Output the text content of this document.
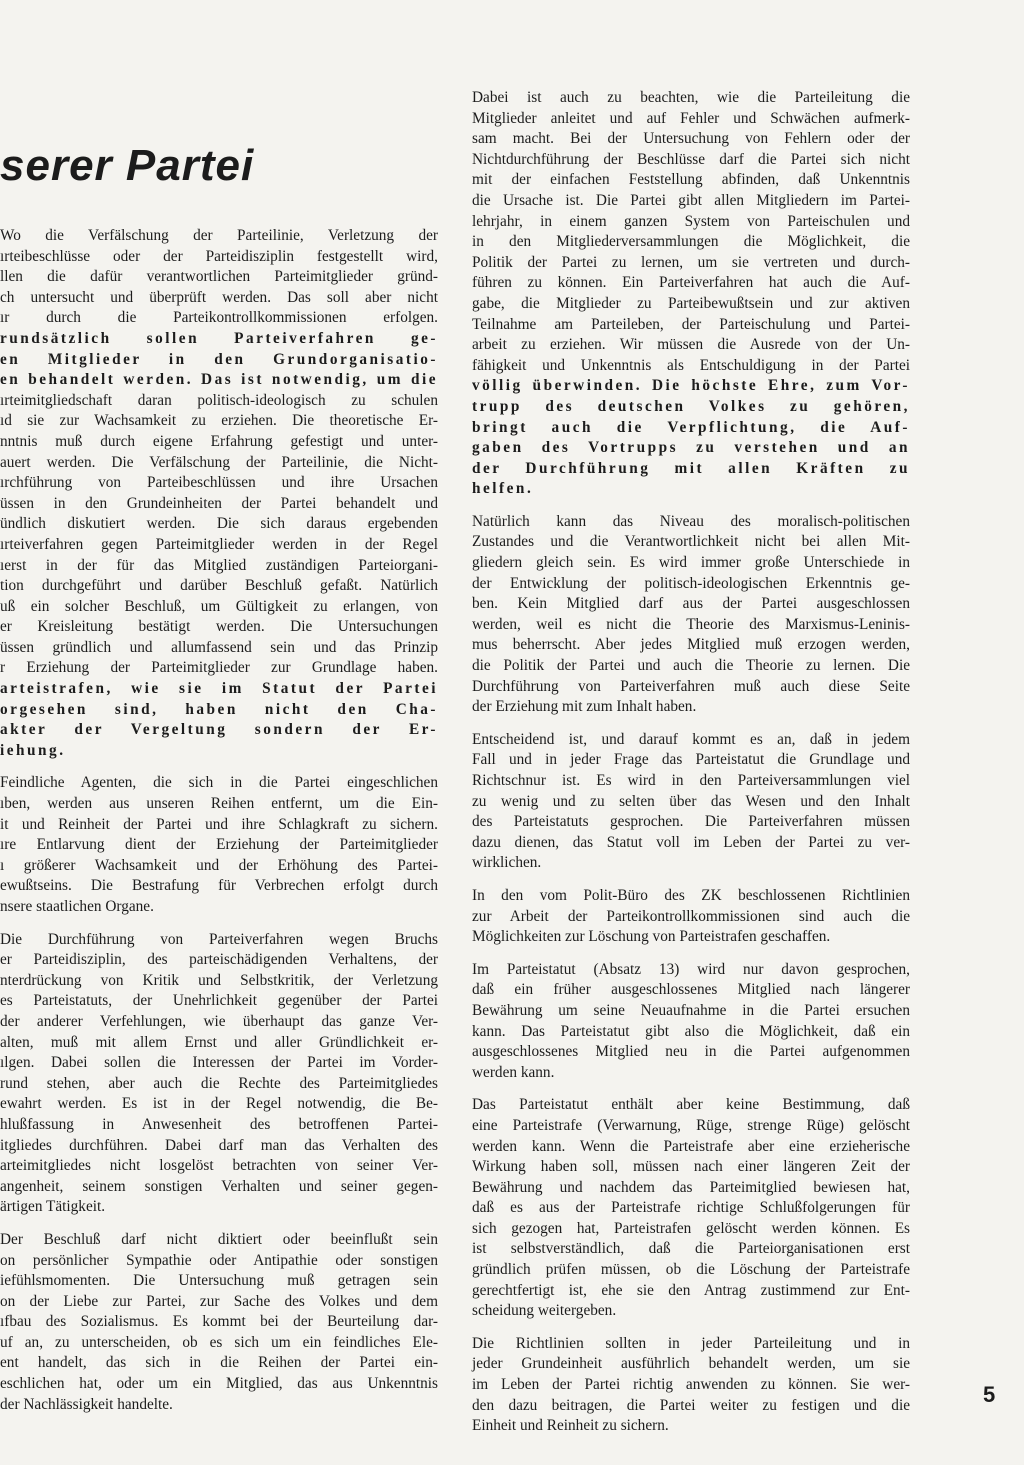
serer Partei

Wo die Verfälschung der Parteilinie, Verletzung der
ırteibeschlüsse oder der Parteidisziplin festgestellt wird,
llen die dafür verantwortlichen Parteimitglieder gründ-
ch untersucht und überprüft werden. Das soll aber nicht
ır durch die Parteikontrollkommissionen erfolgen.
rundsätzlich sollen Parteiverfahren ge-
en Mitglieder in den Grundorganisatio-
en behandelt werden. Das ist notwendig, um die
ırteimitgliedschaft daran politisch-ideologisch zu schulen
ıd sie zur Wachsamkeit zu erziehen. Die theoretische Er-
nntnis muß durch eigene Erfahrung gefestigt und unter-
auert werden. Die Verfälschung der Parteilinie, die Nicht-
ırchführung von Parteibeschlüssen und ihre Ursachen
üssen in den Grundeinheiten der Partei behandelt und
ündlich diskutiert werden. Die sich daraus ergebenden
ırteiverfahren gegen Parteimitglieder werden in der Regel
ıerst in der für das Mitglied zuständigen Parteiorgani-
tion durchgeführt und darüber Beschluß gefaßt. Natürlich
uß ein solcher Beschluß, um Gültigkeit zu erlangen, von
er Kreisleitung bestätigt werden. Die Untersuchungen
üssen gründlich und allumfassend sein und das Prinzip
r Erziehung der Parteimitglieder zur Grundlage haben.
arteistrafen, wie sie im Statut der Partei
orgesehen sind, haben nicht den Cha-
akter der Vergeltung sondern der Er-
iehung.

Feindliche Agenten, die sich in die Partei eingeschlichen
ıben, werden aus unseren Reihen entfernt, um die Ein-
it und Reinheit der Partei und ihre Schlagkraft zu sichern.
ıre Entlarvung dient der Erziehung der Parteimitglieder
ı größerer Wachsamkeit und der Erhöhung des Partei-
ewußtseins. Die Bestrafung für Verbrechen erfolgt durch
nsere staatlichen Organe.

Die Durchführung von Parteiverfahren wegen Bruchs
er Parteidisziplin, des parteischädigenden Verhaltens, der
nterdrückung von Kritik und Selbstkritik, der Verletzung
es Parteistatuts, der Unehrlichkeit gegenüber der Partei
der anderer Verfehlungen, wie überhaupt das ganze Ver-
alten, muß mit allem Ernst und aller Gründlichkeit er-
ılgen. Dabei sollen die Interessen der Partei im Vorder-
rund stehen, aber auch die Rechte des Parteimitgliedes
ewahrt werden. Es ist in der Regel notwendig, die Be-
hlußfassung in Anwesenheit des betroffenen Partei-
itgliedes durchführen. Dabei darf man das Verhalten des
arteimitgliedes nicht losgelöst betrachten von seiner Ver-
angenheit, seinem sonstigen Verhalten und seiner gegen-
ärtigen Tätigkeit.

Der Beschluß darf nicht diktiert oder beeinflußt sein
on persönlicher Sympathie oder Antipathie oder sonstigen
iefühlsmomenten. Die Untersuchung muß getragen sein
on der Liebe zur Partei, zur Sache des Volkes und dem
ıfbau des Sozialismus. Es kommt bei der Beurteilung dar-
uf an, zu unterscheiden, ob es sich um ein feindliches Ele-
ent handelt, das sich in die Reihen der Partei ein-
eschlichen hat, oder um ein Mitglied, das aus Unkenntnis
der Nachlässigkeit handelte.

Dabei ist auch zu beachten, wie die Parteileitung die
Mitglieder anleitet und auf Fehler und Schwächen aufmerk-
sam macht. Bei der Untersuchung von Fehlern oder der
Nichtdurchführung der Beschlüsse darf die Partei sich nicht
mit der einfachen Feststellung abfinden, daß Unkenntnis
die Ursache ist. Die Partei gibt allen Mitgliedern im Partei-
lehrjahr, in einem ganzen System von Parteischulen und
in den Mitgliederversammlungen die Möglichkeit, die
Politik der Partei zu lernen, um sie vertreten und durch-
führen zu können. Ein Parteiverfahren hat auch die Auf-
gabe, die Mitglieder zu Parteibewußtsein und zur aktiven
Teilnahme am Parteileben, der Parteischulung und Partei-
arbeit zu erziehen. Wir müssen die Ausrede von der Un-
fähigkeit und Unkenntnis als Entschuldigung in der Partei
völlig überwinden. Die höchste Ehre, zum Vor-
trupp des deutschen Volkes zu gehören,
bringt auch die Verpflichtung, die Auf-
gaben des Vortrupps zu verstehen und an
der Durchführung mit allen Kräften zu
helfen.

Natürlich kann das Niveau des moralisch-politischen
Zustandes und die Verantwortlichkeit nicht bei allen Mit-
gliedern gleich sein. Es wird immer große Unterschiede in
der Entwicklung der politisch-ideologischen Erkenntnis ge-
ben. Kein Mitglied darf aus der Partei ausgeschlossen
werden, weil es nicht die Theorie des Marxismus-Leninis-
mus beherrscht. Aber jedes Mitglied muß erzogen werden,
die Politik der Partei und auch die Theorie zu lernen. Die
Durchführung von Parteiverfahren muß auch diese Seite
der Erziehung mit zum Inhalt haben.

Entscheidend ist, und darauf kommt es an, daß in jedem
Fall und in jeder Frage das Parteistatut die Grundlage und
Richtschnur ist. Es wird in den Parteiversammlungen viel
zu wenig und zu selten über das Wesen und den Inhalt
des Parteistatuts gesprochen. Die Parteiverfahren müssen
dazu dienen, das Statut voll im Leben der Partei zu ver-
wirklichen.

In den vom Polit-Büro des ZK beschlossenen Richtlinien
zur Arbeit der Parteikontrollkommissionen sind auch die
Möglichkeiten zur Löschung von Parteistrafen geschaffen.

Im Parteistatut (Absatz 13) wird nur davon gesprochen,
daß ein früher ausgeschlossenes Mitglied nach längerer
Bewährung um seine Neuaufnahme in die Partei ersuchen
kann. Das Parteistatut gibt also die Möglichkeit, daß ein
ausgeschlossenes Mitglied neu in die Partei aufgenommen
werden kann.

Das Parteistatut enthält aber keine Bestimmung, daß
eine Parteistrafe (Verwarnung, Rüge, strenge Rüge) gelöscht
werden kann. Wenn die Parteistrafe aber eine erzieherische
Wirkung haben soll, müssen nach einer längeren Zeit der
Bewährung und nachdem das Parteimitglied bewiesen hat,
daß es aus der Parteistrafe richtige Schlußfolgerungen für
sich gezogen hat, Parteistrafen gelöscht werden können. Es
ist selbstverständlich, daß die Parteiorganisationen erst
gründlich prüfen müssen, ob die Löschung der Parteistrafe
gerechtfertigt ist, ehe sie den Antrag zustimmend zur Ent-
scheidung weitergeben.

Die Richtlinien sollten in jeder Parteileitung und in
jeder Grundeinheit ausführlich behandelt werden, um sie
im Leben der Partei richtig anwenden zu können. Sie wer-
den dazu beitragen, die Partei weiter zu festigen und die
Einheit und Reinheit zu sichern.

5
